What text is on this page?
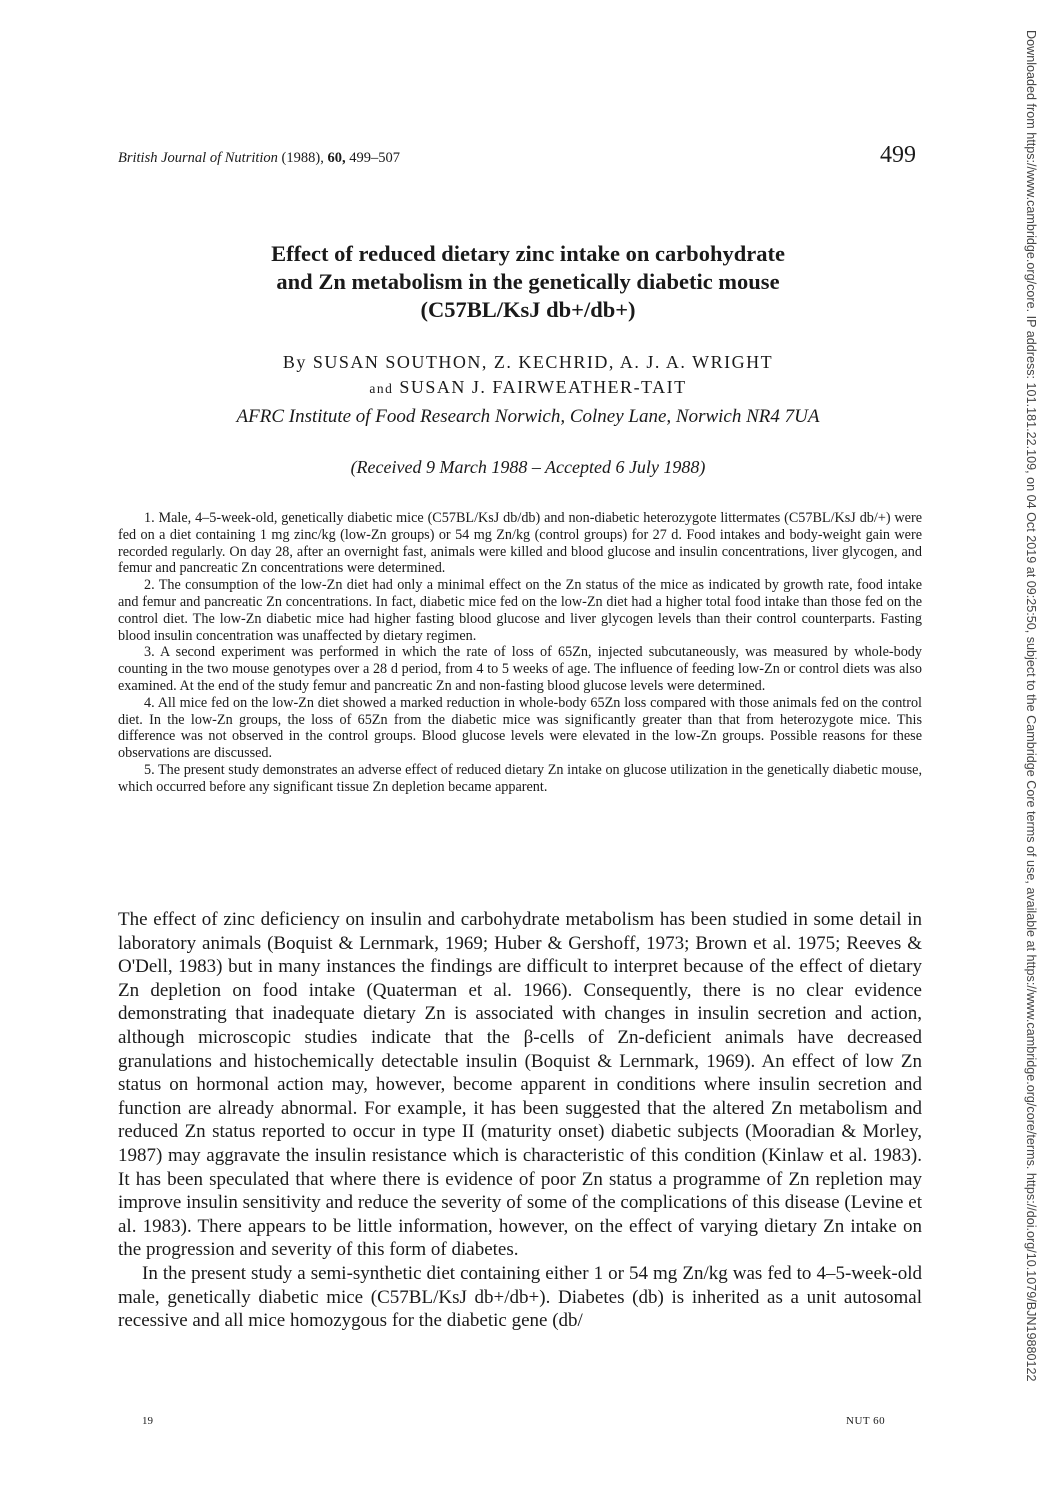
British Journal of Nutrition (1988), 60, 499–507	499
Effect of reduced dietary zinc intake on carbohydrate
and Zn metabolism in the genetically diabetic mouse
(C57BL/KsJ db+/db+)
By SUSAN SOUTHON, Z. KECHRID, A. J. A. WRIGHT
and SUSAN J. FAIRWEATHER-TAIT
AFRC Institute of Food Research Norwich, Colney Lane, Norwich NR4 7UA
(Received 9 March 1988 – Accepted 6 July 1988)

1. Male, 4–5-week-old, genetically diabetic mice (C57BL/KsJ db/db) and non-diabetic heterozygote littermates (C57BL/KsJ db/+) were fed on a diet containing 1 mg zinc/kg (low-Zn groups) or 54 mg Zn/kg (control groups) for 27 d. Food intakes and body-weight gain were recorded regularly. On day 28, after an overnight fast, animals were killed and blood glucose and insulin concentrations, liver glycogen, and femur and pancreatic Zn concentrations were determined.

2. The consumption of the low-Zn diet had only a minimal effect on the Zn status of the mice as indicated by growth rate, food intake and femur and pancreatic Zn concentrations. In fact, diabetic mice fed on the low-Zn diet had a higher total food intake than those fed on the control diet. The low-Zn diabetic mice had higher fasting blood glucose and liver glycogen levels than their control counterparts. Fasting blood insulin concentration was unaffected by dietary regimen.

3. A second experiment was performed in which the rate of loss of 65Zn, injected subcutaneously, was measured by whole-body counting in the two mouse genotypes over a 28 d period, from 4 to 5 weeks of age. The influence of feeding low-Zn or control diets was also examined. At the end of the study femur and pancreatic Zn and non-fasting blood glucose levels were determined.

4. All mice fed on the low-Zn diet showed a marked reduction in whole-body 65Zn loss compared with those animals fed on the control diet. In the low-Zn groups, the loss of 65Zn from the diabetic mice was significantly greater than that from heterozygote mice. This difference was not observed in the control groups. Blood glucose levels were elevated in the low-Zn groups. Possible reasons for these observations are discussed.

5. The present study demonstrates an adverse effect of reduced dietary Zn intake on glucose utilization in the genetically diabetic mouse, which occurred before any significant tissue Zn depletion became apparent.

The effect of zinc deficiency on insulin and carbohydrate metabolism has been studied in some detail in laboratory animals (Boquist & Lernmark, 1969; Huber & Gershoff, 1973; Brown et al. 1975; Reeves & O'Dell, 1983) but in many instances the findings are difficult to interpret because of the effect of dietary Zn depletion on food intake (Quaterman et al. 1966). Consequently, there is no clear evidence demonstrating that inadequate dietary Zn is associated with changes in insulin secretion and action, although microscopic studies indicate that the β-cells of Zn-deficient animals have decreased granulations and histochemically detectable insulin (Boquist & Lernmark, 1969). An effect of low Zn status on hormonal action may, however, become apparent in conditions where insulin secretion and function are already abnormal. For example, it has been suggested that the altered Zn metabolism and reduced Zn status reported to occur in type II (maturity onset) diabetic subjects (Mooradian & Morley, 1987) may aggravate the insulin resistance which is characteristic of this condition (Kinlaw et al. 1983). It has been speculated that where there is evidence of poor Zn status a programme of Zn repletion may improve insulin sensitivity and reduce the severity of some of the complications of this disease (Levine et al. 1983). There appears to be little information, however, on the effect of varying dietary Zn intake on the progression and severity of this form of diabetes.

In the present study a semi-synthetic diet containing either 1 or 54 mg Zn/kg was fed to 4–5-week-old male, genetically diabetic mice (C57BL/KsJ db+/db+). Diabetes (db) is inherited as a unit autosomal recessive and all mice homozygous for the diabetic gene (db/

19	NUT 60
Downloaded from https://www.cambridge.org/core. IP address: 101.181.22.109, on 04 Oct 2019 at 09:25:50, subject to the Cambridge Core terms of use, available at https://www.cambridge.org/core/terms. https://doi.org/10.1079/BJN19880122
